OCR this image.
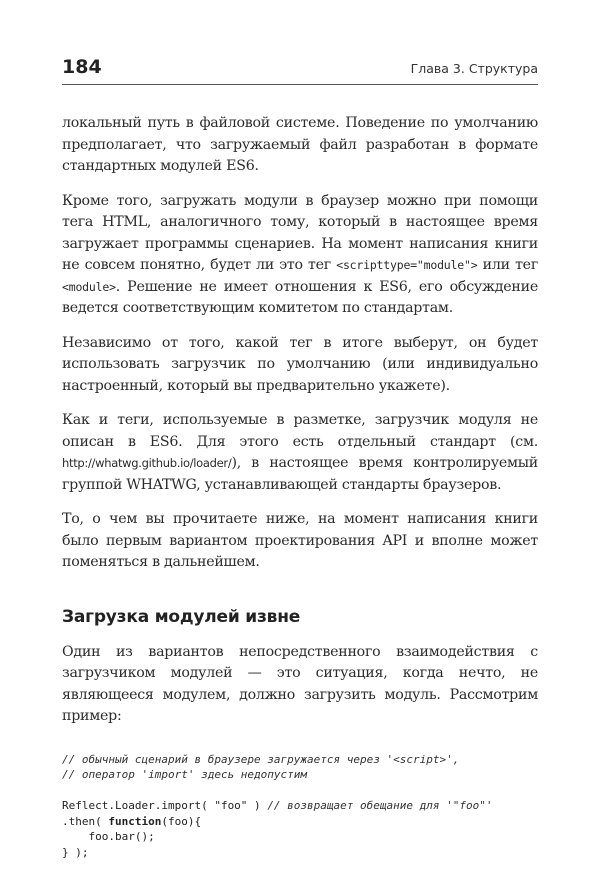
184	Глава 3. Структура

локальный путь в файловой системе. Поведение по умолчанию предполагает, что загружаемый файл разработан в формате стандартных модулей ES6.

Кроме того, загружать модули в браузер можно при помощи тега HTML, аналогичного тому, который в настоящее время загружает программы сценариев. На момент написания книги не совсем понятно, будет ли это тег <scripttype="module"> или тег <module>. Решение не имеет отношения к ES6, его обсуждение ведется соответствующим комитетом по стандартам.

Независимо от того, какой тег в итоге выберут, он будет использовать загрузчик по умолчанию (или индивидуально настроенный, который вы предварительно укажете).

Как и теги, используемые в разметке, загрузчик модуля не описан в ES6. Для этого есть отдельный стандарт (см. http://whatwg.github.io/loader/), в настоящее время контролируемый группой WHATWG, устанавливающей стандарты браузеров.

То, о чем вы прочитаете ниже, на момент написания книги было первым вариантом проектирования API и вполне может поменяться в дальнейшем.

Загрузка модулей извне

Один из вариантов непосредственного взаимодействия с загрузчиком модулей — это ситуация, когда нечто, не являющееся модулем, должно загрузить модуль. Рассмотрим пример:

// обычный сценарий в браузере загружается через '<script>',
// оператор 'import' здесь недопустим

Reflect.Loader.import( "foo" ) // возвращает обещание для '"foo"'
.then( function(foo){
foo.bar();
} );
